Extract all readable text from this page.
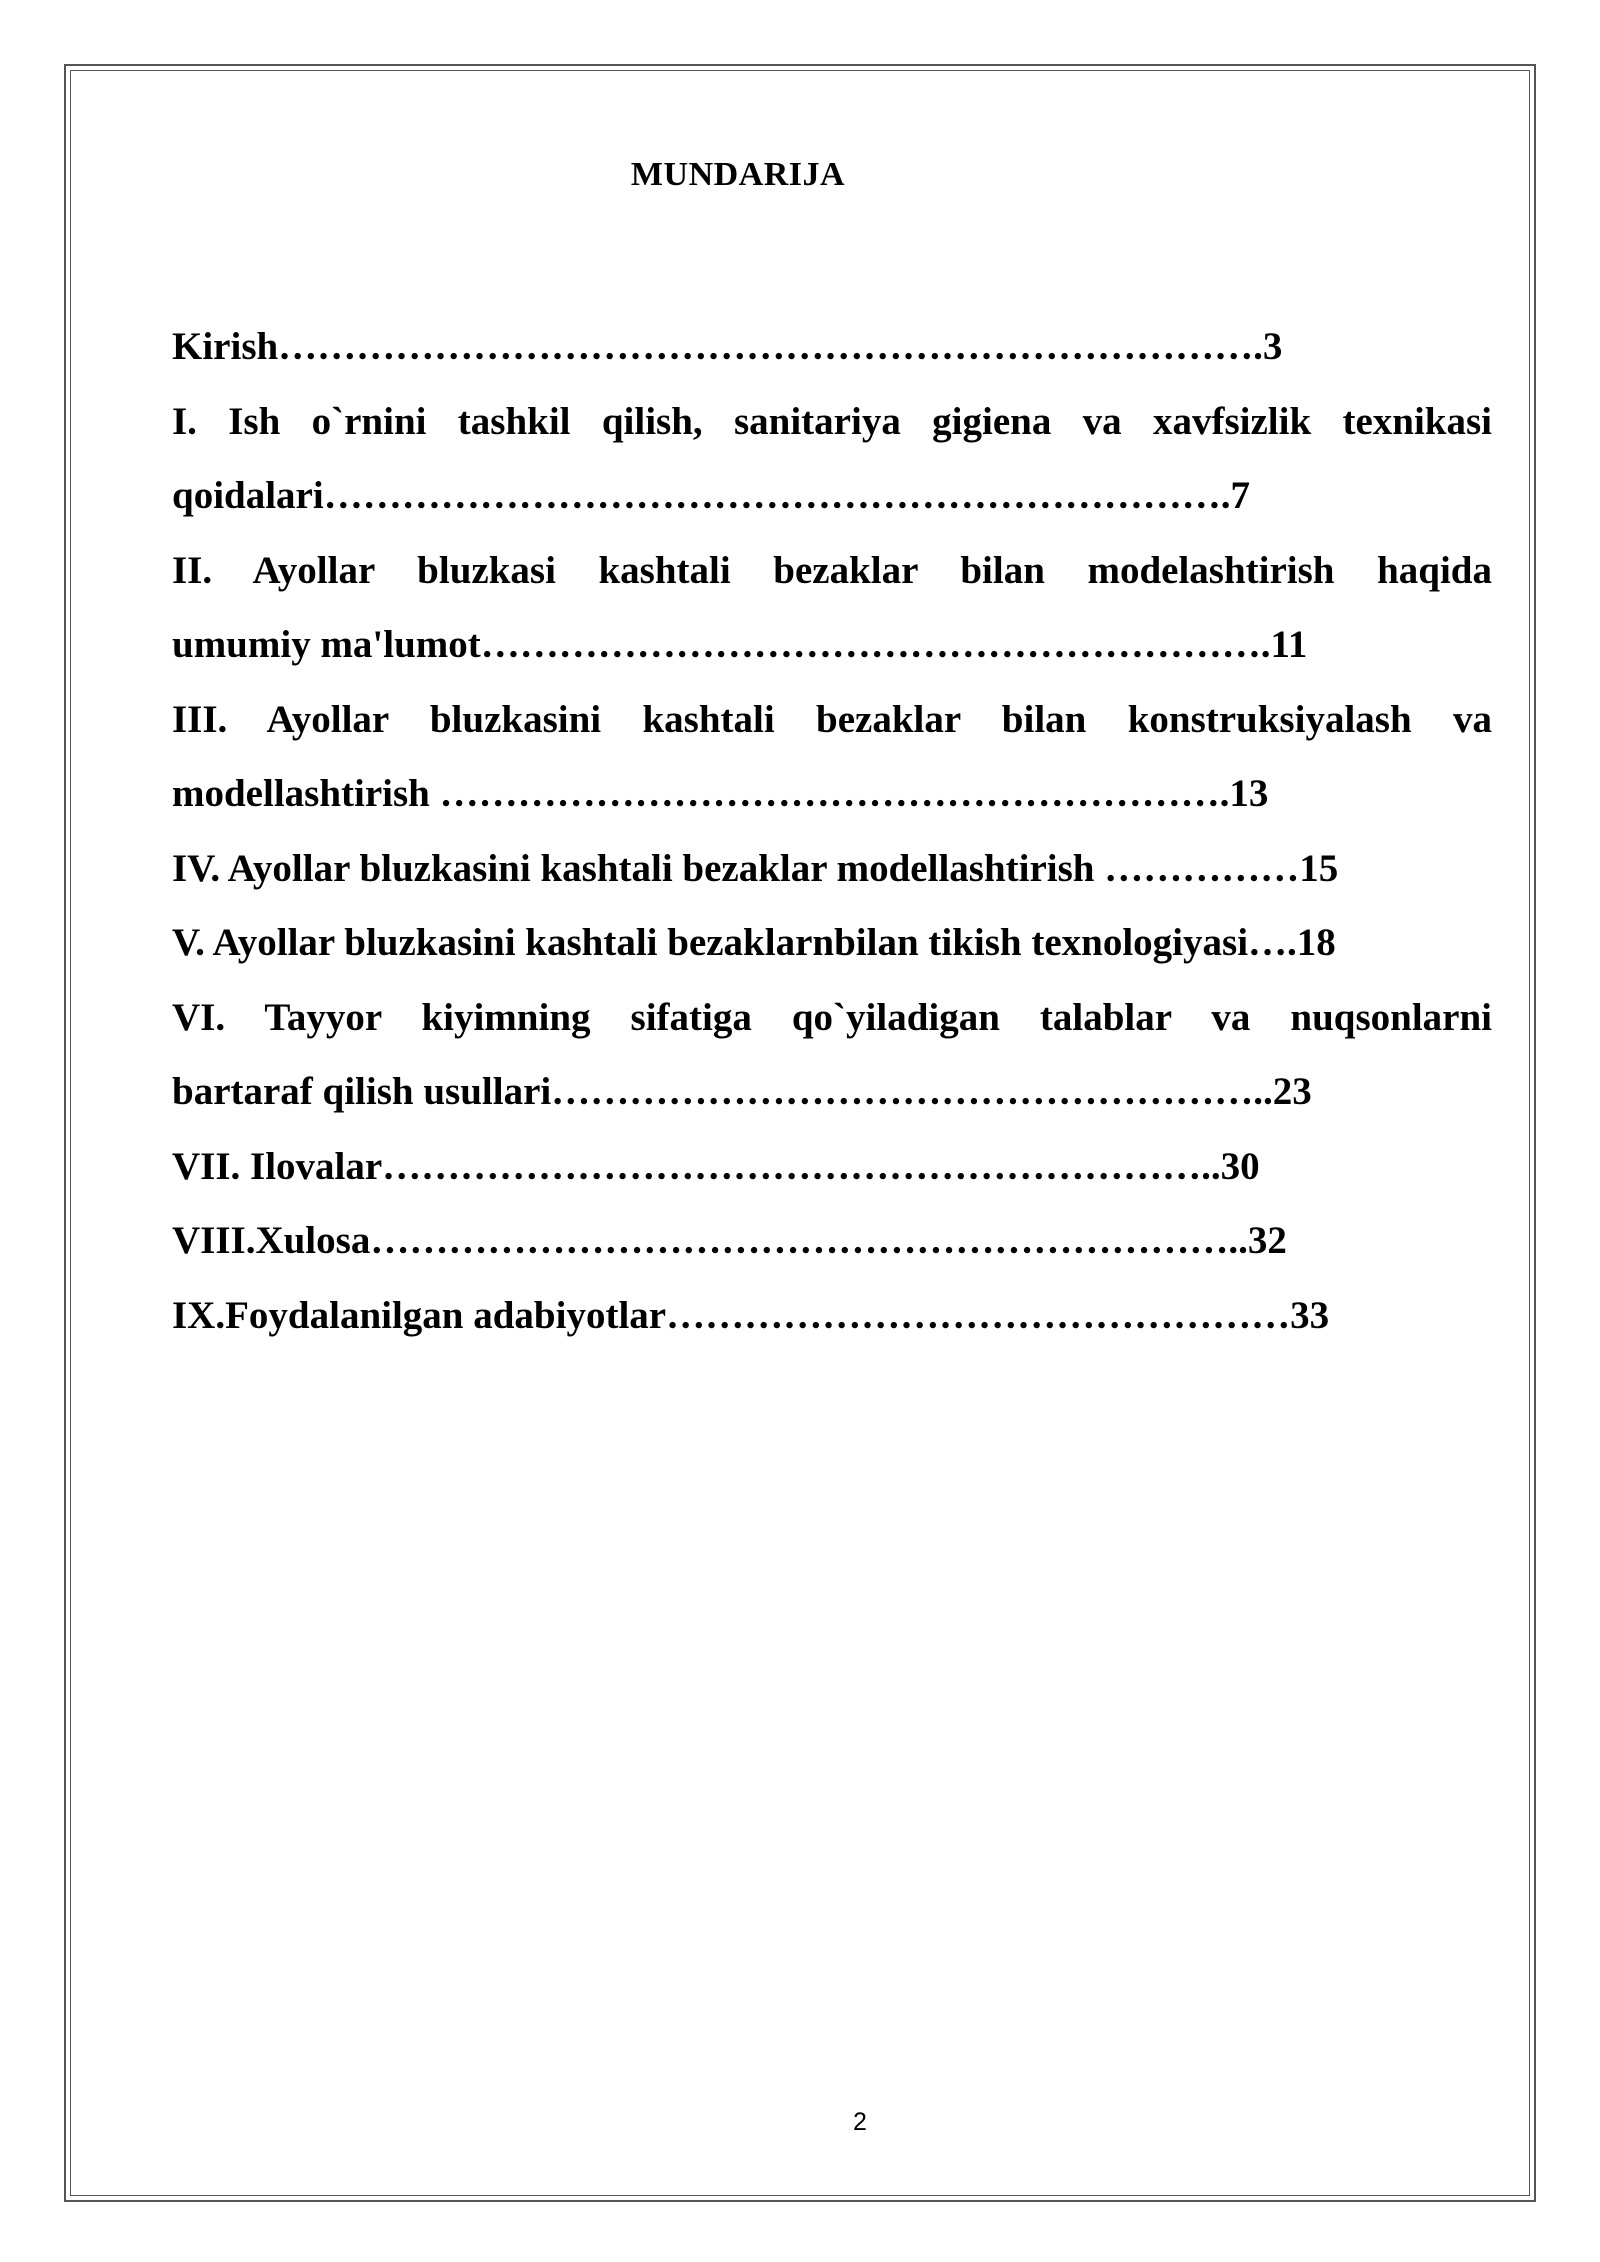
MUNDARIJA
Kirish………………………………………………………………….3
I. Ish o`rnini tashkil qilish, sanitariya gigiena va xavfsizlik texnikasi
qoidalari…………………………………………………………….7
II. Ayollar bluzkasi kashtali bezaklar bilan modelashtirish haqida
umumiy ma'lumot…………………………………………………….11
III. Ayollar bluzkasini kashtali bezaklar bilan konstruksiyalash va
modellashtirish …………………………………………………….13
IV. Ayollar bluzkasini kashtali bezaklar modellashtirish ……………15
V. Ayollar bluzkasini kashtali bezaklarnbilan tikish texnologiyasi….18
VI. Tayyor kiyimning sifatiga qo`yiladigan talablar va nuqsonlarni
bartaraf qilish usullari………………………………………………..23
VII. Ilovalar………………………………………………………..30
VIII.Xulosa…………………………………………………………..32
IX.Foydalanilgan adabiyotlar…………………………………………33
2
